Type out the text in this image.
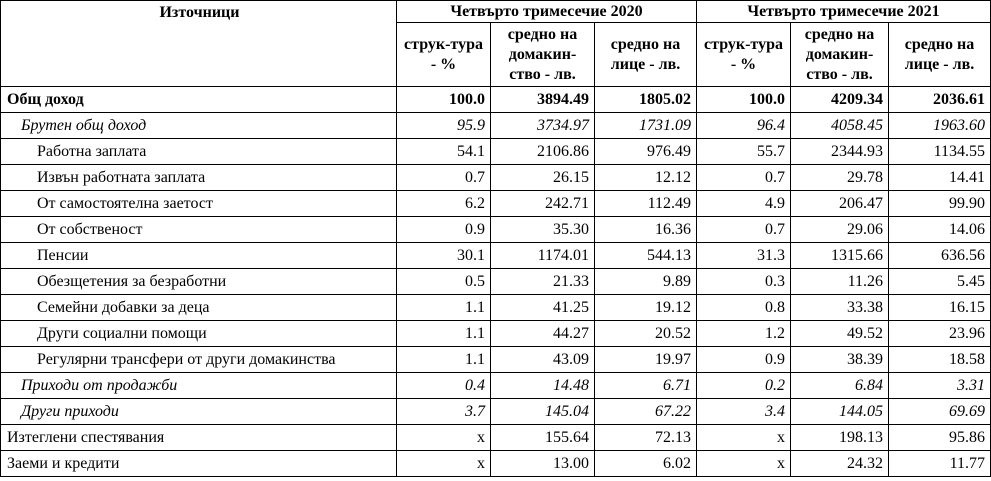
Източници	Четвърто тримесечие 2020			Четвърто тримесечие 2021		
	струк-тура - %	средно на домакин-ство - лв.	средно на лице - лв.	струк-тура - %	средно на домакин-ство - лв.	средно на лице - лв.
Общ доход	100.0	3894.49	1805.02	100.0	4209.34	2036.61
Брутен общ доход	95.9	3734.97	1731.09	96.4	4058.45	1963.60
Работна заплата	54.1	2106.86	976.49	55.7	2344.93	1134.55
Извън работната заплата	0.7	26.15	12.12	0.7	29.78	14.41
От самостоятелна заетост	6.2	242.71	112.49	4.9	206.47	99.90
От собственост	0.9	35.30	16.36	0.7	29.06	14.06
Пенсии	30.1	1174.01	544.13	31.3	1315.66	636.56
Обезщетения за безработни	0.5	21.33	9.89	0.3	11.26	5.45
Семейни добавки за деца	1.1	41.25	19.12	0.8	33.38	16.15
Други социални помощи	1.1	44.27	20.52	1.2	49.52	23.96
Регулярни трансфери от други домакинства	1.1	43.09	19.97	0.9	38.39	18.58
Приходи от продажби	0.4	14.48	6.71	0.2	6.84	3.31
Други приходи	3.7	145.04	67.22	3.4	144.05	69.69
Изтеглени спестявания	x	155.64	72.13	x	198.13	95.86
Заеми и кредити	x	13.00	6.02	x	24.32	11.77
